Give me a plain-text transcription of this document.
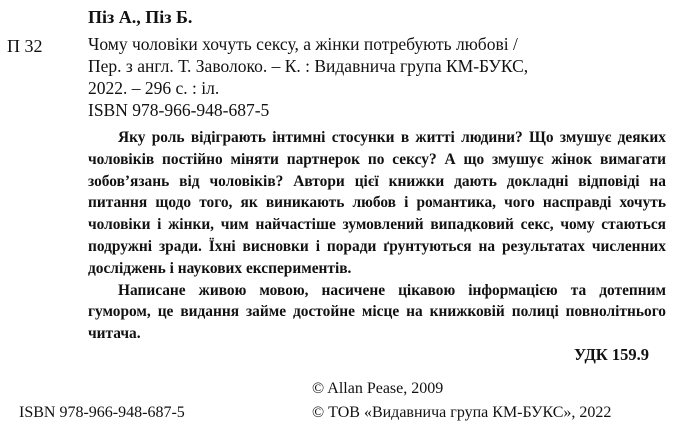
Піз А., Піз Б.
П 32	Чому чоловіки хочуть сексу, а жінки потребують любові /
Пер. з англ. Т. Заволоко. – К. : Видавнича група КМ-БУКС,
2022. – 296 с. : іл.
ISBN 978-966-948-687-5

Яку роль відіграють інтимні стосунки в житті людини? Що змушує деяких чоловіків постійно міняти партнерок по сексу? А що змушує жінок вимагати зобов’язань від чоловіків? Автори цієї книжки дають докладні відповіді на питання щодо того, як виникають любов і романтика, чого насправді хочуть чоловіки і жінки, чим найчастіше зумовлений випадковий секс, чому стаються подружні зради. Їхні висновки і поради ґрунтуються на результатах численних досліджень і наукових експериментів.

Написане живою мовою, насичене цікавою інформацією та дотепним гумором, це видання займе достойне місце на книжковій полиці повнолітнього читача.

УДК 159.9
© Allan Pease, 2009
© ТОВ «Видавнича група КМ-БУКС», 2022
ISBN 978-966-948-687-5
